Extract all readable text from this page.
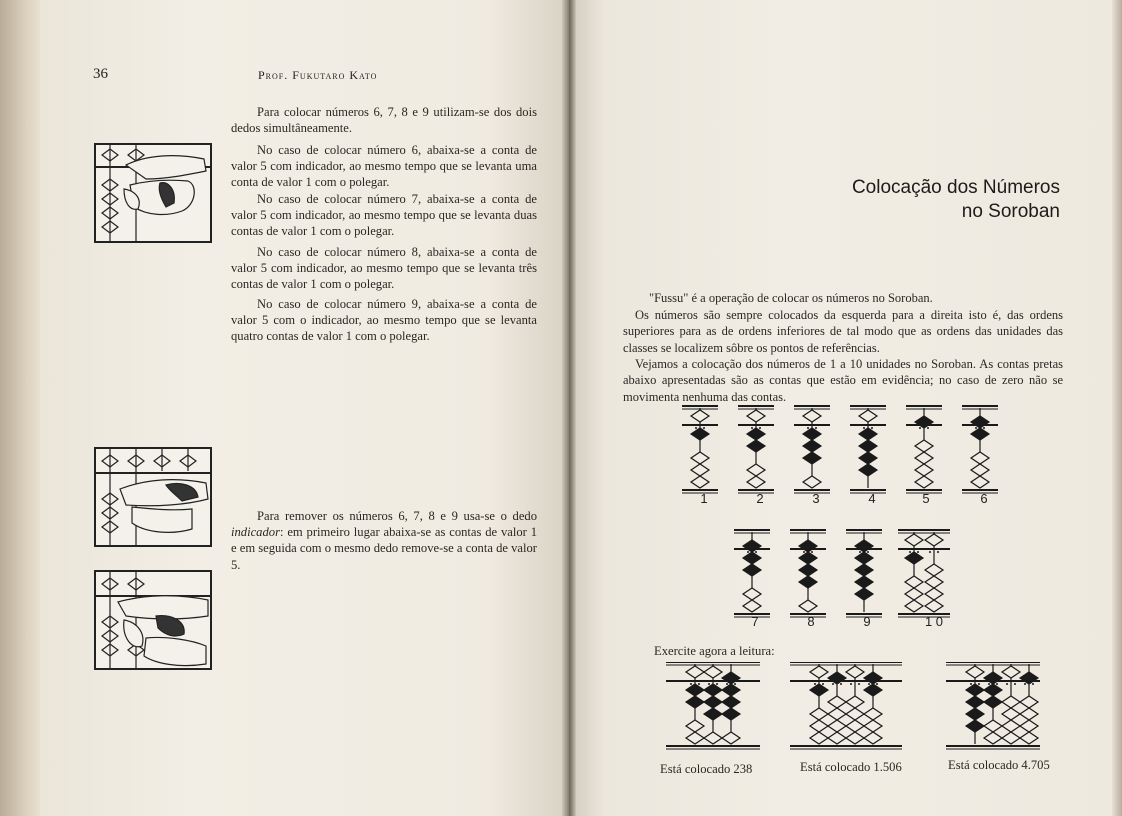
36	Prof. Fukutaro Kato
Para colocar números 6, 7, 8 e 9 utilizam-se dos dois dedos simultâneamente.
No caso de colocar número 6, abaixa-se a conta de valor 5 com indicador, ao mesmo tempo que se levanta uma conta de valor 1 com o polegar.
No caso de colocar número 7, abaixa-se a conta de valor 5 com indicador, ao mesmo tempo que se levanta duas contas de valor 1 com o polegar.
No caso de colocar número 8, abaixa-se a conta de valor 5 com indicador, ao mesmo tempo que se levanta três contas de valor 1 com o polegar.
No caso de colocar número 9, abaixa-se a conta de valor 5 com o indicador, ao mesmo tempo que se levanta quatro contas de valor 1 com o polegar.
Para remover os números 6, 7, 8 e 9 usa-se o dedo indicador: em primeiro lugar abaixa-se as contas de valor 1 e em seguida com o mesmo dedo remove-se a conta de valor 5.
Colocação dos Números
no Soroban
"Fussu" é a operação de colocar os números no Soroban.
Os números são sempre colocados da esquerda para a direita isto é, das ordens superiores para as de ordens inferiores de tal modo que as ordens das unidades das classes se localizem sôbre os pontos de referências.
Vejamos a colocação dos números de 1 a 10 unidades no Soroban. As contas pretas abaixo apresentadas são as contas que estão em evidência; no caso de zero não se movimenta nenhuma das contas.
1	2	3	4	5	6
7	8	9	1 0
Exercite agora a leitura:
Está colocado 238	Está colocado 1.506	Está colocado 4.705
